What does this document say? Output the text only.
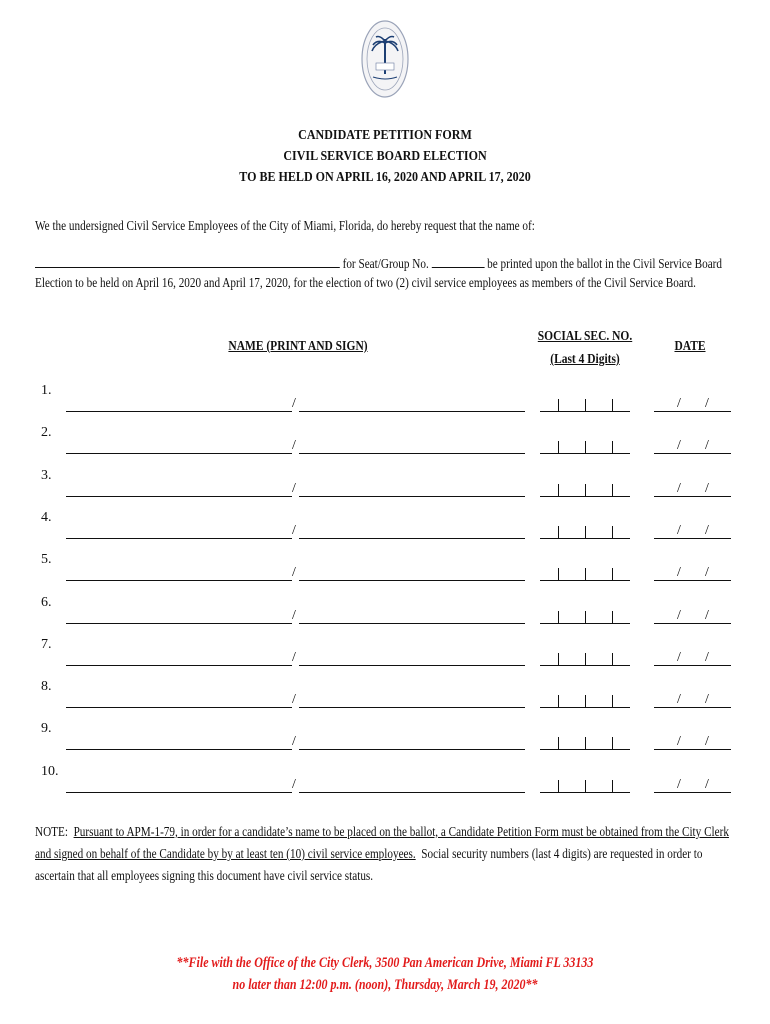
CANDIDATE PETITION FORM
CIVIL SERVICE BOARD ELECTION
TO BE HELD ON APRIL 16, 2020 AND APRIL 17, 2020
We the undersigned Civil Service Employees of the City of Miami, Florida, do hereby request that the name of:
for Seat/Group No.	be printed upon the ballot in the Civil Service Board
Election to be held on April 16, 2020 and April 17, 2020, for the election of two (2) civil service employees as members of the Civil Service Board.
NAME (PRINT AND SIGN)
SOCIAL SEC. NO.
(Last 4 Digits)
DATE
1.
/	/ /
2.
/	/ /
3.
/	/ /
4.
/	/ /
5.
/	/ /
6.
/	/ /
7.
/	/ /
8.
/	/ /
9.
/	/ /
10.
/	/ /
NOTE: Pursuant to APM-1-79, in order for a candidate’s name to be placed on the ballot, a Candidate Petition Form must be obtained from the City Clerk and signed on behalf of the Candidate by by at least ten (10) civil service employees. Social security numbers (last 4 digits) are requested in order to ascertain that all employees signing this document have civil service status.
**File with the Office of the City Clerk, 3500 Pan American Drive, Miami FL 33133
no later than 12:00 p.m. (noon), Thursday, March 19, 2020**
